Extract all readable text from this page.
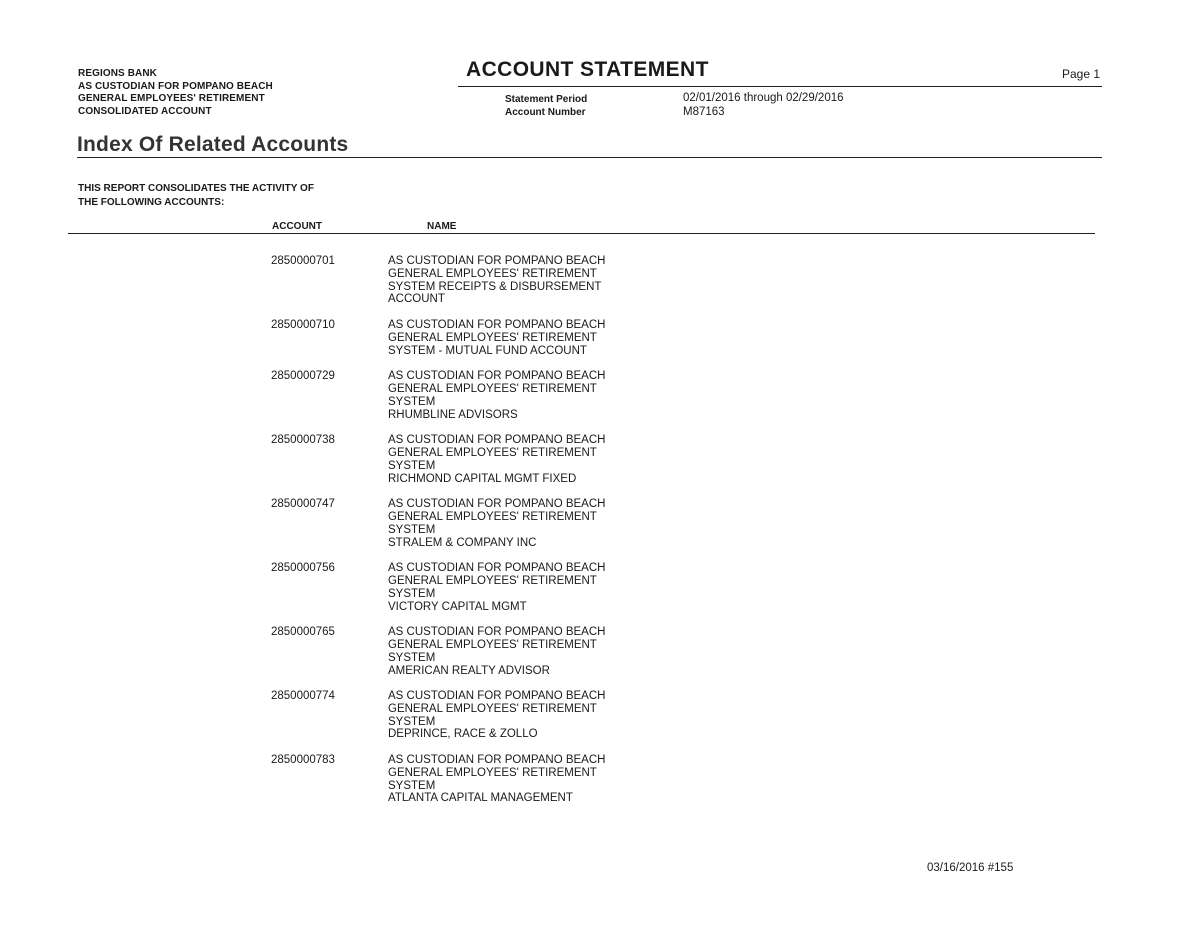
REGIONS BANK
AS CUSTODIAN FOR POMPANO BEACH
GENERAL EMPLOYEES' RETIREMENT
CONSOLIDATED ACCOUNT
ACCOUNT STATEMENT	Page 1
Statement Period
Account Number
02/01/2016 through 02/29/2016
M87163
Index Of Related Accounts
THIS REPORT CONSOLIDATES THE ACTIVITY OF
THE FOLLOWING ACCOUNTS:
ACCOUNT	NAME
2850000701	AS CUSTODIAN FOR POMPANO BEACH
GENERAL EMPLOYEES' RETIREMENT
SYSTEM RECEIPTS & DISBURSEMENT
ACCOUNT
2850000710	AS CUSTODIAN FOR POMPANO BEACH
GENERAL EMPLOYEES' RETIREMENT
SYSTEM - MUTUAL FUND ACCOUNT
2850000729	AS CUSTODIAN FOR POMPANO BEACH
GENERAL EMPLOYEES' RETIREMENT
SYSTEM
RHUMBLINE ADVISORS
2850000738	AS CUSTODIAN FOR POMPANO BEACH
GENERAL EMPLOYEES' RETIREMENT
SYSTEM
RICHMOND CAPITAL MGMT FIXED
2850000747	AS CUSTODIAN FOR POMPANO BEACH
GENERAL EMPLOYEES' RETIREMENT
SYSTEM
STRALEM & COMPANY INC
2850000756	AS CUSTODIAN FOR POMPANO BEACH
GENERAL EMPLOYEES' RETIREMENT
SYSTEM
VICTORY CAPITAL MGMT
2850000765	AS CUSTODIAN FOR POMPANO BEACH
GENERAL EMPLOYEES' RETIREMENT
SYSTEM
AMERICAN REALTY ADVISOR
2850000774	AS CUSTODIAN FOR POMPANO BEACH
GENERAL EMPLOYEES' RETIREMENT
SYSTEM
DEPRINCE, RACE & ZOLLO
2850000783	AS CUSTODIAN FOR POMPANO BEACH
GENERAL EMPLOYEES' RETIREMENT
SYSTEM
ATLANTA CAPITAL MANAGEMENT
03/16/2016 #155
